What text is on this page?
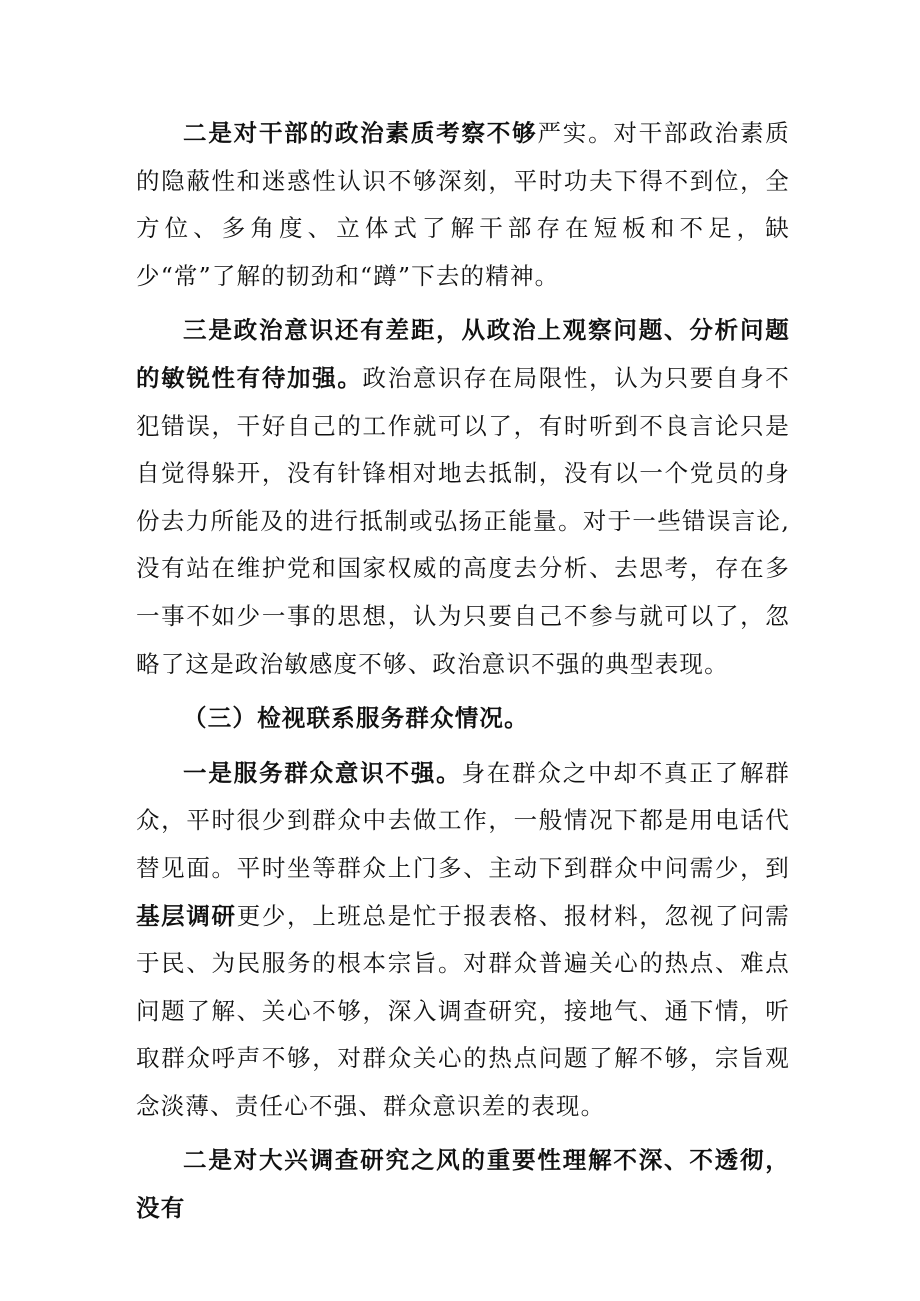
二是对干部的政治素质考察不够严实。对干部政治素质的隐蔽性和迷惑性认识不够深刻，平时功夫下得不到位，全方位、多角度、立体式了解干部存在短板和不足，缺少“常”了解的韧劲和“蹲”下去的精神。

三是政治意识还有差距，从政治上观察问题、分析问题的敏锐性有待加强。政治意识存在局限性，认为只要自身不犯错误，干好自己的工作就可以了，有时听到不良言论只是自觉得躲开，没有针锋相对地去抵制，没有以一个党员的身份去力所能及的进行抵制或弘扬正能量。对于一些错误言论,没有站在维护党和国家权威的高度去分析、去思考，存在多一事不如少一事的思想，认为只要自己不参与就可以了，忽略了这是政治敏感度不够、政治意识不强的典型表现。

（三）检视联系服务群众情况。

一是服务群众意识不强。身在群众之中却不真正了解群众，平时很少到群众中去做工作，一般情况下都是用电话代替见面。平时坐等群众上门多、主动下到群众中问需少，到基层调研更少，上班总是忙于报表格、报材料，忽视了问需于民、为民服务的根本宗旨。对群众普遍关心的热点、难点问题了解、关心不够，深入调查研究，接地气、通下情，听取群众呼声不够，对群众关心的热点问题了解不够，宗旨观念淡薄、责任心不强、群众意识差的表现。

二是对大兴调查研究之风的重要性理解不深、不透彻，没有
